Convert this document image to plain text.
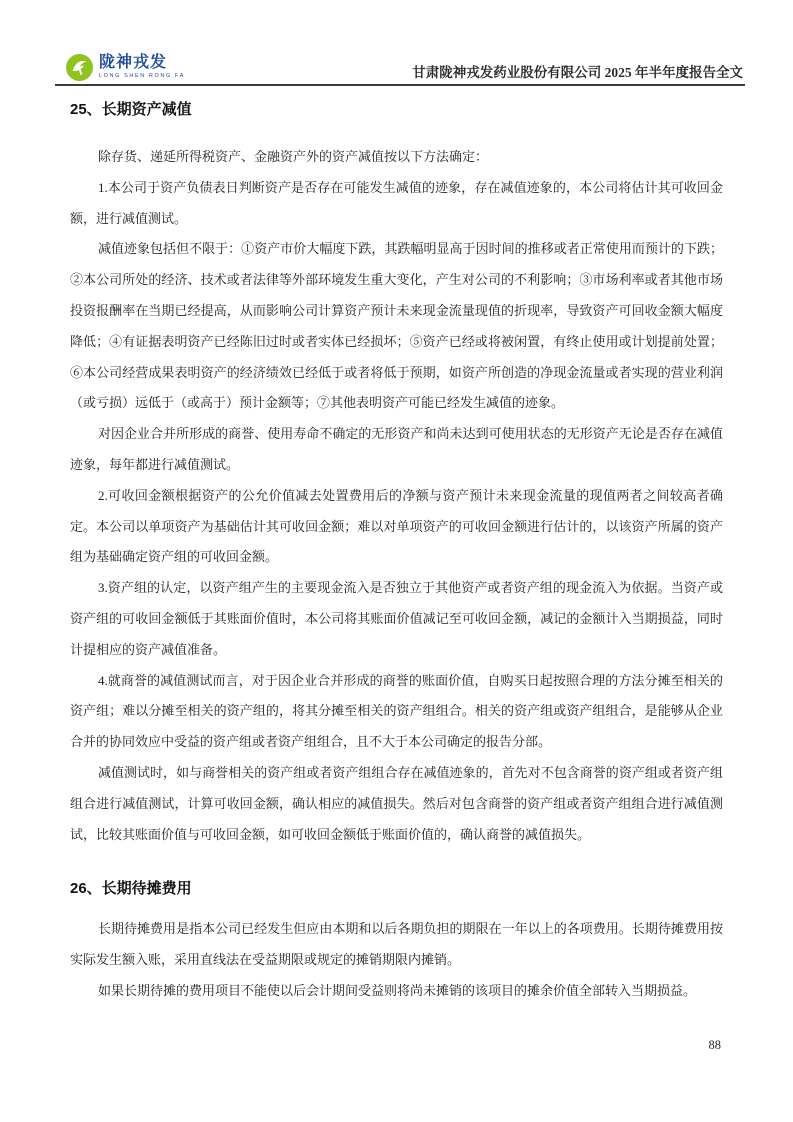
陇神戎发
LONG SHEN RONG FA	甘肃陇神戎发药业股份有限公司 2025 年半年度报告全文
25、长期资产减值

除存货、递延所得税资产、金融资产外的资产减值按以下方法确定：

1.本公司于资产负债表日判断资产是否存在可能发生减值的迹象，存在减值迹象的，本公司将估计其可收回金额，进行减值测试。

减值迹象包括但不限于：①资产市价大幅度下跌，其跌幅明显高于因时间的推移或者正常使用而预计的下跌；②本公司所处的经济、技术或者法律等外部环境发生重大变化，产生对公司的不利影响；③市场利率或者其他市场投资报酬率在当期已经提高，从而影响公司计算资产预计未来现金流量现值的折现率，导致资产可回收金额大幅度降低；④有证据表明资产已经陈旧过时或者实体已经损坏；⑤资产已经或将被闲置，有终止使用或计划提前处置；⑥本公司经营成果表明资产的经济绩效已经低于或者将低于预期，如资产所创造的净现金流量或者实现的营业利润（或亏损）远低于（或高于）预计金额等；⑦其他表明资产可能已经发生减值的迹象。

对因企业合并所形成的商誉、使用寿命不确定的无形资产和尚未达到可使用状态的无形资产无论是否存在减值迹象，每年都进行减值测试。

2.可收回金额根据资产的公允价值减去处置费用后的净额与资产预计未来现金流量的现值两者之间较高者确定。本公司以单项资产为基础估计其可收回金额；难以对单项资产的可收回金额进行估计的，以该资产所属的资产组为基础确定资产组的可收回金额。

3.资产组的认定，以资产组产生的主要现金流入是否独立于其他资产或者资产组的现金流入为依据。当资产或资产组的可收回金额低于其账面价值时，本公司将其账面价值减记至可收回金额，减记的金额计入当期损益，同时计提相应的资产减值准备。

4.就商誉的减值测试而言，对于因企业合并形成的商誉的账面价值，自购买日起按照合理的方法分摊至相关的资产组；难以分摊至相关的资产组的，将其分摊至相关的资产组组合。相关的资产组或资产组组合，是能够从企业合并的协同效应中受益的资产组或者资产组组合，且不大于本公司确定的报告分部。

减值测试时，如与商誉相关的资产组或者资产组组合存在减值迹象的，首先对不包含商誉的资产组或者资产组组合进行减值测试，计算可收回金额，确认相应的减值损失。然后对包含商誉的资产组或者资产组组合进行减值测试，比较其账面价值与可收回金额，如可收回金额低于账面价值的，确认商誉的减值损失。

26、长期待摊费用

长期待摊费用是指本公司已经发生但应由本期和以后各期负担的期限在一年以上的各项费用。长期待摊费用按实际发生额入账，采用直线法在受益期限或规定的摊销期限内摊销。

如果长期待摊的费用项目不能使以后会计期间受益则将尚未摊销的该项目的摊余价值全部转入当期损益。

88
